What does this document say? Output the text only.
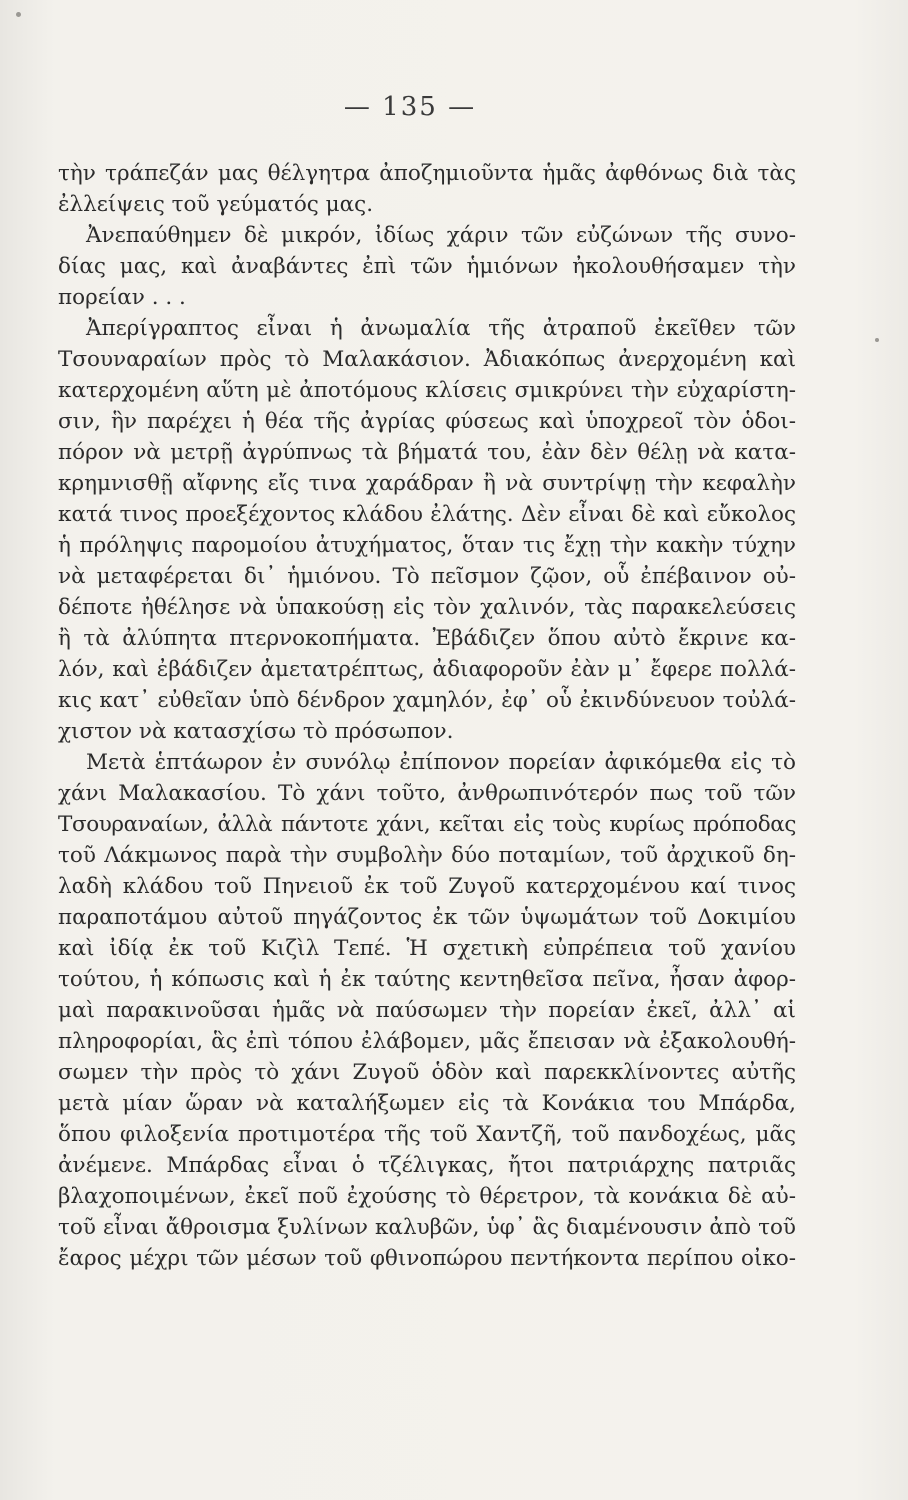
— 135 —
τὴν τράπεζάν μας θέλγητρα ἀποζημιοῦντα ἡμᾶς ἀφθόνως διὰ τὰς
ἐλλείψεις τοῦ γεύματός μας.
Ἀνεπαύθημεν δὲ μικρόν, ἰδίως χάριν τῶν εὐζώνων τῆς συνο-
δίας μας, καὶ ἀναβάντες ἐπὶ τῶν ἡμιόνων ἠκολουθήσαμεν τὴν
πορείαν . . .
Ἀπερίγραπτος εἶναι ἡ ἀνωμαλία τῆς ἀτραποῦ ἐκεῖθεν τῶν
Τσουναραίων πρὸς τὸ Μαλακάσιον. Ἀδιακόπως ἀνερχομένη καὶ
κατερχομένη αὕτη μὲ ἀποτόμους κλίσεις σμικρύνει τὴν εὐχαρίστη-
σιν, ἣν παρέχει ἡ θέα τῆς ἀγρίας φύσεως καὶ ὑποχρεοῖ τὸν ὁδοι-
πόρον νὰ μετρῇ ἀγρύπνως τὰ βήματά του, ἐὰν δὲν θέλῃ νὰ κατα-
κρημνισθῇ αἴφνης εἴς τινα χαράδραν ἢ νὰ συντρίψῃ τὴν κεφαλὴν
κατά τινος προεξέχοντος κλάδου ἐλάτης. Δὲν εἶναι δὲ καὶ εὔκολος
ἡ πρόληψις παρομοίου ἀτυχήματος, ὅταν τις ἔχῃ τὴν κακὴν τύχην
νὰ μεταφέρεται δι᾽ ἡμιόνου. Τὸ πεῖσμον ζῷον, οὗ ἐπέβαινον οὐ-
δέποτε ἠθέλησε νὰ ὑπακούσῃ εἰς τὸν χαλινόν, τὰς παρακελεύσεις
ἢ τὰ ἀλύπητα πτερνοκοπήματα. Ἐβάδιζεν ὅπου αὐτὸ ἔκρινε κα-
λόν, καὶ ἐβάδιζεν ἀμετατρέπτως, ἀδιαφοροῦν ἐὰν μ᾽ ἔφερε πολλά-
κις κατ᾽ εὐθεῖαν ὑπὸ δένδρον χαμηλόν, ἐφ᾽ οὗ ἐκινδύνευον τοὐλά-
χιστον νὰ κατασχίσω τὸ πρόσωπον.
Μετὰ ἑπτάωρον ἐν συνόλῳ ἐπίπονον πορείαν ἀφικόμεθα εἰς τὸ
χάνι Μαλακασίου. Τὸ χάνι τοῦτο, ἀνθρωπινότερόν πως τοῦ τῶν
Τσουραναίων, ἀλλὰ πάντοτε χάνι, κεῖται εἰς τοὺς κυρίως πρόποδας
τοῦ Λάκμωνος παρὰ τὴν συμβολὴν δύο ποταμίων, τοῦ ἀρχικοῦ δη-
λαδὴ κλάδου τοῦ Πηνειοῦ ἐκ τοῦ Ζυγοῦ κατερχομένου καί τινος
παραποτάμου αὐτοῦ πηγάζοντος ἐκ τῶν ὑψωμάτων τοῦ Δοκιμίου
καὶ ἰδίᾳ ἐκ τοῦ Κιζὶλ Τεπέ. Ἡ σχετικὴ εὐπρέπεια τοῦ χανίου
τούτου, ἡ κόπωσις καὶ ἡ ἐκ ταύτης κεντηθεῖσα πεῖνα, ἦσαν ἀφορ-
μαὶ παρακινοῦσαι ἡμᾶς νὰ παύσωμεν τὴν πορείαν ἐκεῖ, ἀλλ᾽ αἱ
πληροφορίαι, ἃς ἐπὶ τόπου ἐλάβομεν, μᾶς ἔπεισαν νὰ ἐξακολουθή-
σωμεν τὴν πρὸς τὸ χάνι Ζυγοῦ ὁδὸν καὶ παρεκκλίνοντες αὐτῆς
μετὰ μίαν ὥραν νὰ καταλήξωμεν εἰς τὰ Κονάκια του Μπάρδα,
ὅπου φιλοξενία προτιμοτέρα τῆς τοῦ Χαντζῆ, τοῦ πανδοχέως, μᾶς
ἀνέμενε. Μπάρδας εἶναι ὁ τζέλιγκας, ἤτοι πατριάρχης πατριᾶς
βλαχοποιμένων, ἐκεῖ ποῦ ἐχούσης τὸ θέρετρον, τὰ κονάκια δὲ αὐ-
τοῦ εἶναι ἄθροισμα ξυλίνων καλυβῶν, ὑφ᾽ ἃς διαμένουσιν ἀπὸ τοῦ
ἔαρος μέχρι τῶν μέσων τοῦ φθινοπώρου πεντήκοντα περίπου οἰκο-
